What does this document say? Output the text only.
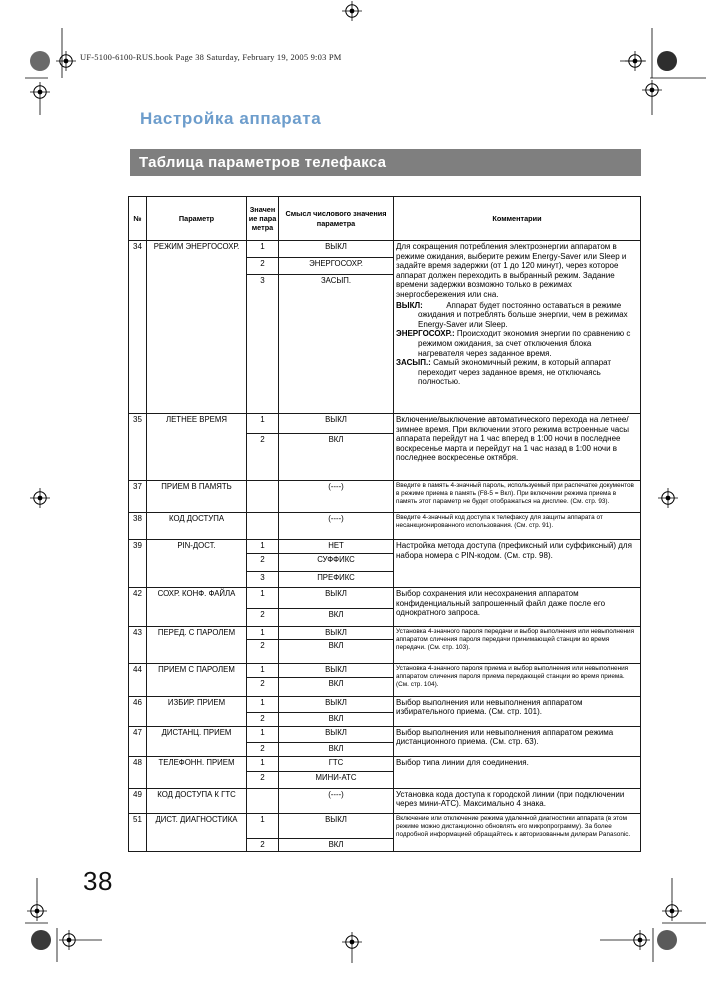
UF-5100-6100-RUS.book Page 38 Saturday, February 19, 2005 9:03 PM
Настройка аппарата
Таблица параметров телефакса
№	Параметр	Значение параметра	Смысл числового значения параметра	Комментарии
34	РЕЖИМ ЭНЕРГОСОХР.	1	ВЫКЛ	Для сокращения потребления электроэнергии аппаратом в режиме ожидания, выберите режим Energy-Saver или Sleep и задайте время задержки (от 1 до 120 минут), через которое аппарат должен переходить в выбранный режим. Задание времени задержки возможно только в режимах энергосбережения или сна.
ВЫКЛ: Аппарат будет постоянно оставаться в режиме ожидания и потреблять больше энергии, чем в режимах Energy-Saver или Sleep.
ЭНЕРГОСОХР.: Происходит экономия энергии по сравнению с режимом ожидания, за счет отключения блока нагревателя через заданное время.
ЗАСЫП.: Самый экономичный режим, в который аппарат переходит через заданное время, не отключаясь полностью.

		2	ЭНЕРГОСОХР.	
		3	ЗАСЫП.	
35	ЛЕТНЕЕ ВРЕМЯ	1	ВЫКЛ	Включение/выключение автоматического перехода на летнее/зимнее время. При включении этого режима встроенные часы аппарата перейдут на 1 час вперед в 1:00 ночи в последнее воскресенье марта и перейдут на 1 час назад в 1:00 ночи в последнее воскресенье октября.
		2	ВКЛ	
37	ПРИЕМ В ПАМЯТЬ		(----)	Введите в память 4-значный пароль, используемый при распечатке документов в режиме приема в память (F8-5 = Вкл). При включении режима приема в память этот параметр не будет отображаться на дисплее. (См. стр. 93).
38	КОД ДОСТУПА		(----)	Введите 4-значный код доступа к телефаксу для защиты аппарата от несанкционированного использования. (См. стр. 91).
39	PIN-ДОСТ.	1	НЕТ	Настройка метода доступа (префиксный или суффиксный) для набора номера с PIN-кодом. (См. стр. 98).
		2	СУФФИКС	
		3	ПРЕФИКС	
42	СОХР. КОНФ. ФАЙЛА	1	ВЫКЛ	Выбор сохранения или несохранения аппаратом конфиденциальный запрошенный файл даже после его однократного запроса.
		2	ВКЛ	
43	ПЕРЕД. С ПАРОЛЕМ	1	ВЫКЛ	Установка 4-значного пароля передачи и выбор выполнения или невыполнения аппаратом сличения пароля передачи принимающей станции во время передачи. (См. стр. 103).
		2	ВКЛ	
44	ПРИЕМ С ПАРОЛЕМ	1	ВЫКЛ	Установка 4-значного пароля приема и выбор выполнения или невыполнения аппаратом сличения пароля приема передающей станции во время приема. (См. стр. 104).
		2	ВКЛ	
46	ИЗБИР. ПРИЕМ	1	ВЫКЛ	Выбор выполнения или невыполнения аппаратом избирательного приема. (См. стр. 101).
		2	ВКЛ	
47	ДИСТАНЦ. ПРИЕМ	1	ВЫКЛ	Выбор выполнения или невыполнения аппаратом режима дистанционного приема. (См. стр. 63).
		2	ВКЛ	
48	ТЕЛЕФОНН. ПРИЕМ	1	ГТС	Выбор типа линии для соединения.
		2	МИНИ-АТС	
49	КОД ДОСТУПА К ГТС		(----)	Установка кода доступа к городской линии (при подключении через мини-АТС). Максимально 4 знака.
51	ДИСТ. ДИАГНОСТИКА	1	ВЫКЛ	Включение или отключение режима удаленной диагностики аппарата (в этом режиме можно дистанционно обновлять его микропрограмму). За более подробной информацией обращайтесь к авторизованным дилерам Panasonic.
		2	ВКЛ	
38
